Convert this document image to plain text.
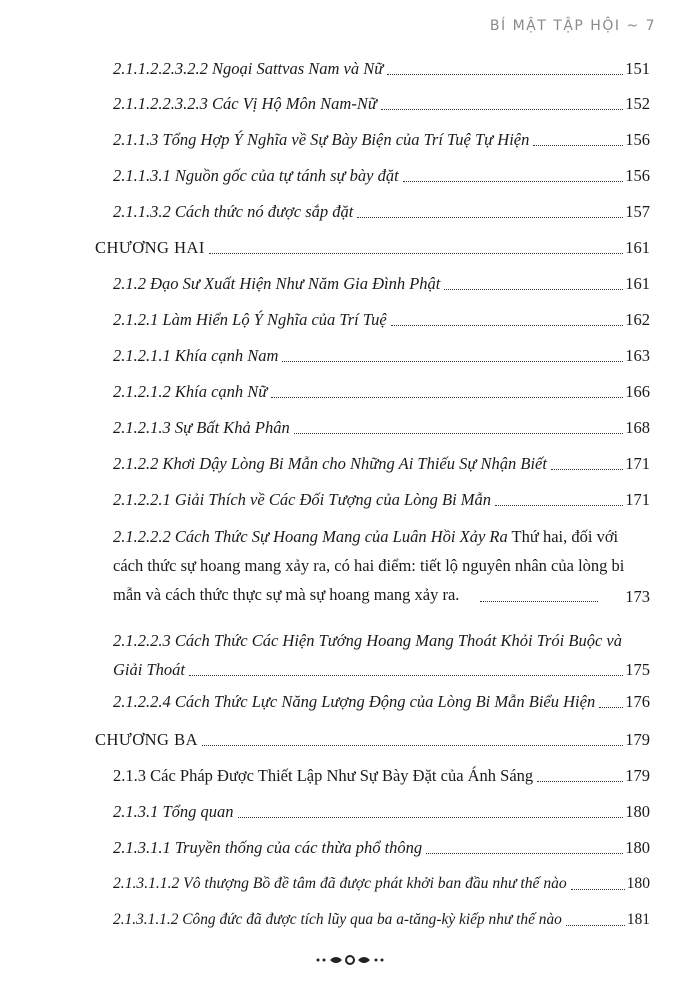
BÍ MẬT TẬP HỘI ~ 7
2.1.1.2.2.3.2.2 Ngoại Sattvas Nam và Nữ	151
2.1.1.2.2.3.2.3 Các Vị Hộ Môn Nam-Nữ	152
2.1.1.3 Tổng Hợp Ý Nghĩa về Sự Bày Biện của Trí Tuệ Tự Hiện	156
2.1.1.3.1 Nguồn gốc của tự tánh sự bày đặt	156
2.1.1.3.2 Cách thức nó được sắp đặt	157
CHƯƠNG HAI	161
2.1.2 Đạo Sư Xuất Hiện Như Năm Gia Đình Phật	161
2.1.2.1 Làm Hiển Lộ Ý Nghĩa của Trí Tuệ	162
2.1.2.1.1 Khía cạnh Nam	163
2.1.2.1.2 Khía cạnh Nữ	166
2.1.2.1.3 Sự Bất Khả Phân	168
2.1.2.2 Khơi Dậy Lòng Bi Mẫn cho Những Ai Thiếu Sự Nhận Biết	171
2.1.2.2.1 Giải Thích về Các Đối Tượng của Lòng Bi Mẫn	171
2.1.2.2.2 Cách Thức Sự Hoang Mang của Luân Hồi Xảy Ra Thứ hai, đối với cách thức sự hoang mang xảy ra, có hai điểm: tiết lộ nguyên nhân của lòng bi mẫn và cách thức thực sự mà sự hoang mang xảy ra.	173
2.1.2.2.3 Cách Thức Các Hiện Tướng Hoang Mang Thoát Khỏi Trói Buộc và
Giải Thoát	175
2.1.2.2.4 Cách Thức Lực Năng Lượng Động của Lòng Bi Mẫn Biểu Hiện 176
CHƯƠNG BA	179
2.1.3 Các Pháp Được Thiết Lập Như Sự Bày Đặt của Ánh Sáng	179
2.1.3.1 Tổng quan	180
2.1.3.1.1 Truyền thống của các thừa phổ thông	180
2.1.3.1.1.2 Vô thượng Bồ đề tâm đã được phát khởi ban đầu như thế nào	180
2.1.3.1.1.2 Công đức đã được tích lũy qua ba a-tăng-kỳ kiếp như thế nào	181
